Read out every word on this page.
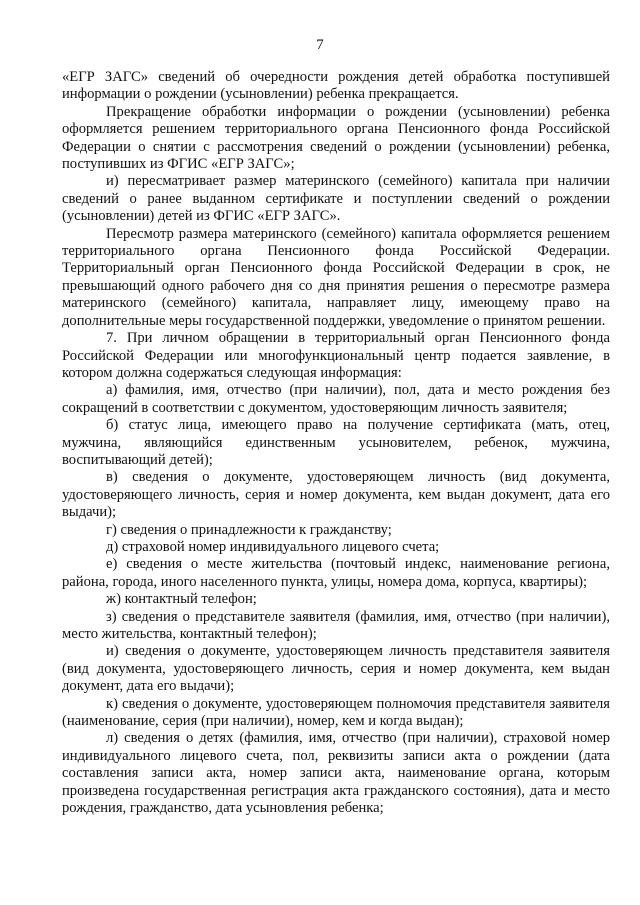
7

«ЕГР ЗАГС» сведений об очередности рождения детей обработка поступившей информации о рождении (усыновлении) ребенка прекращается.

Прекращение обработки информации о рождении (усыновлении) ребенка оформляется решением территориального органа Пенсионного фонда Российской Федерации о снятии с рассмотрения сведений о рождении (усыновлении) ребенка, поступивших из ФГИС «ЕГР ЗАГС»;

и) пересматривает размер материнского (семейного) капитала при наличии сведений о ранее выданном сертификате и поступлении сведений о рождении (усыновлении) детей из ФГИС «ЕГР ЗАГС».

Пересмотр размера материнского (семейного) капитала оформляется решением территориального органа Пенсионного фонда Российской Федерации. Территориальный орган Пенсионного фонда Российской Федерации в срок, не превышающий одного рабочего дня со дня принятия решения о пересмотре размера материнского (семейного) капитала, направляет лицу, имеющему право на дополнительные меры государственной поддержки, уведомление о принятом решении.

7. При личном обращении в территориальный орган Пенсионного фонда Российской Федерации или многофункциональный центр подается заявление, в котором должна содержаться следующая информация:

а) фамилия, имя, отчество (при наличии), пол, дата и место рождения без сокращений в соответствии с документом, удостоверяющим личность заявителя;

б) статус лица, имеющего право на получение сертификата (мать, отец, мужчина, являющийся единственным усыновителем, ребенок, мужчина, воспитывающий детей);

в) сведения о документе, удостоверяющем личность (вид документа, удостоверяющего личность, серия и номер документа, кем выдан документ, дата его выдачи);

г) сведения о принадлежности к гражданству;

д) страховой номер индивидуального лицевого счета;

е) сведения о месте жительства (почтовый индекс, наименование региона, района, города, иного населенного пункта, улицы, номера дома, корпуса, квартиры);

ж) контактный телефон;

з) сведения о представителе заявителя (фамилия, имя, отчество (при наличии), место жительства, контактный телефон);

и) сведения о документе, удостоверяющем личность представителя заявителя (вид документа, удостоверяющего личность, серия и номер документа, кем выдан документ, дата его выдачи);

к) сведения о документе, удостоверяющем полномочия представителя заявителя (наименование, серия (при наличии), номер, кем и когда выдан);

л) сведения о детях (фамилия, имя, отчество (при наличии), страховой номер индивидуального лицевого счета, пол, реквизиты записи акта о рождении (дата составления записи акта, номер записи акта, наименование органа, которым произведена государственная регистрация акта гражданского состояния), дата и место рождения, гражданство, дата усыновления ребенка;
